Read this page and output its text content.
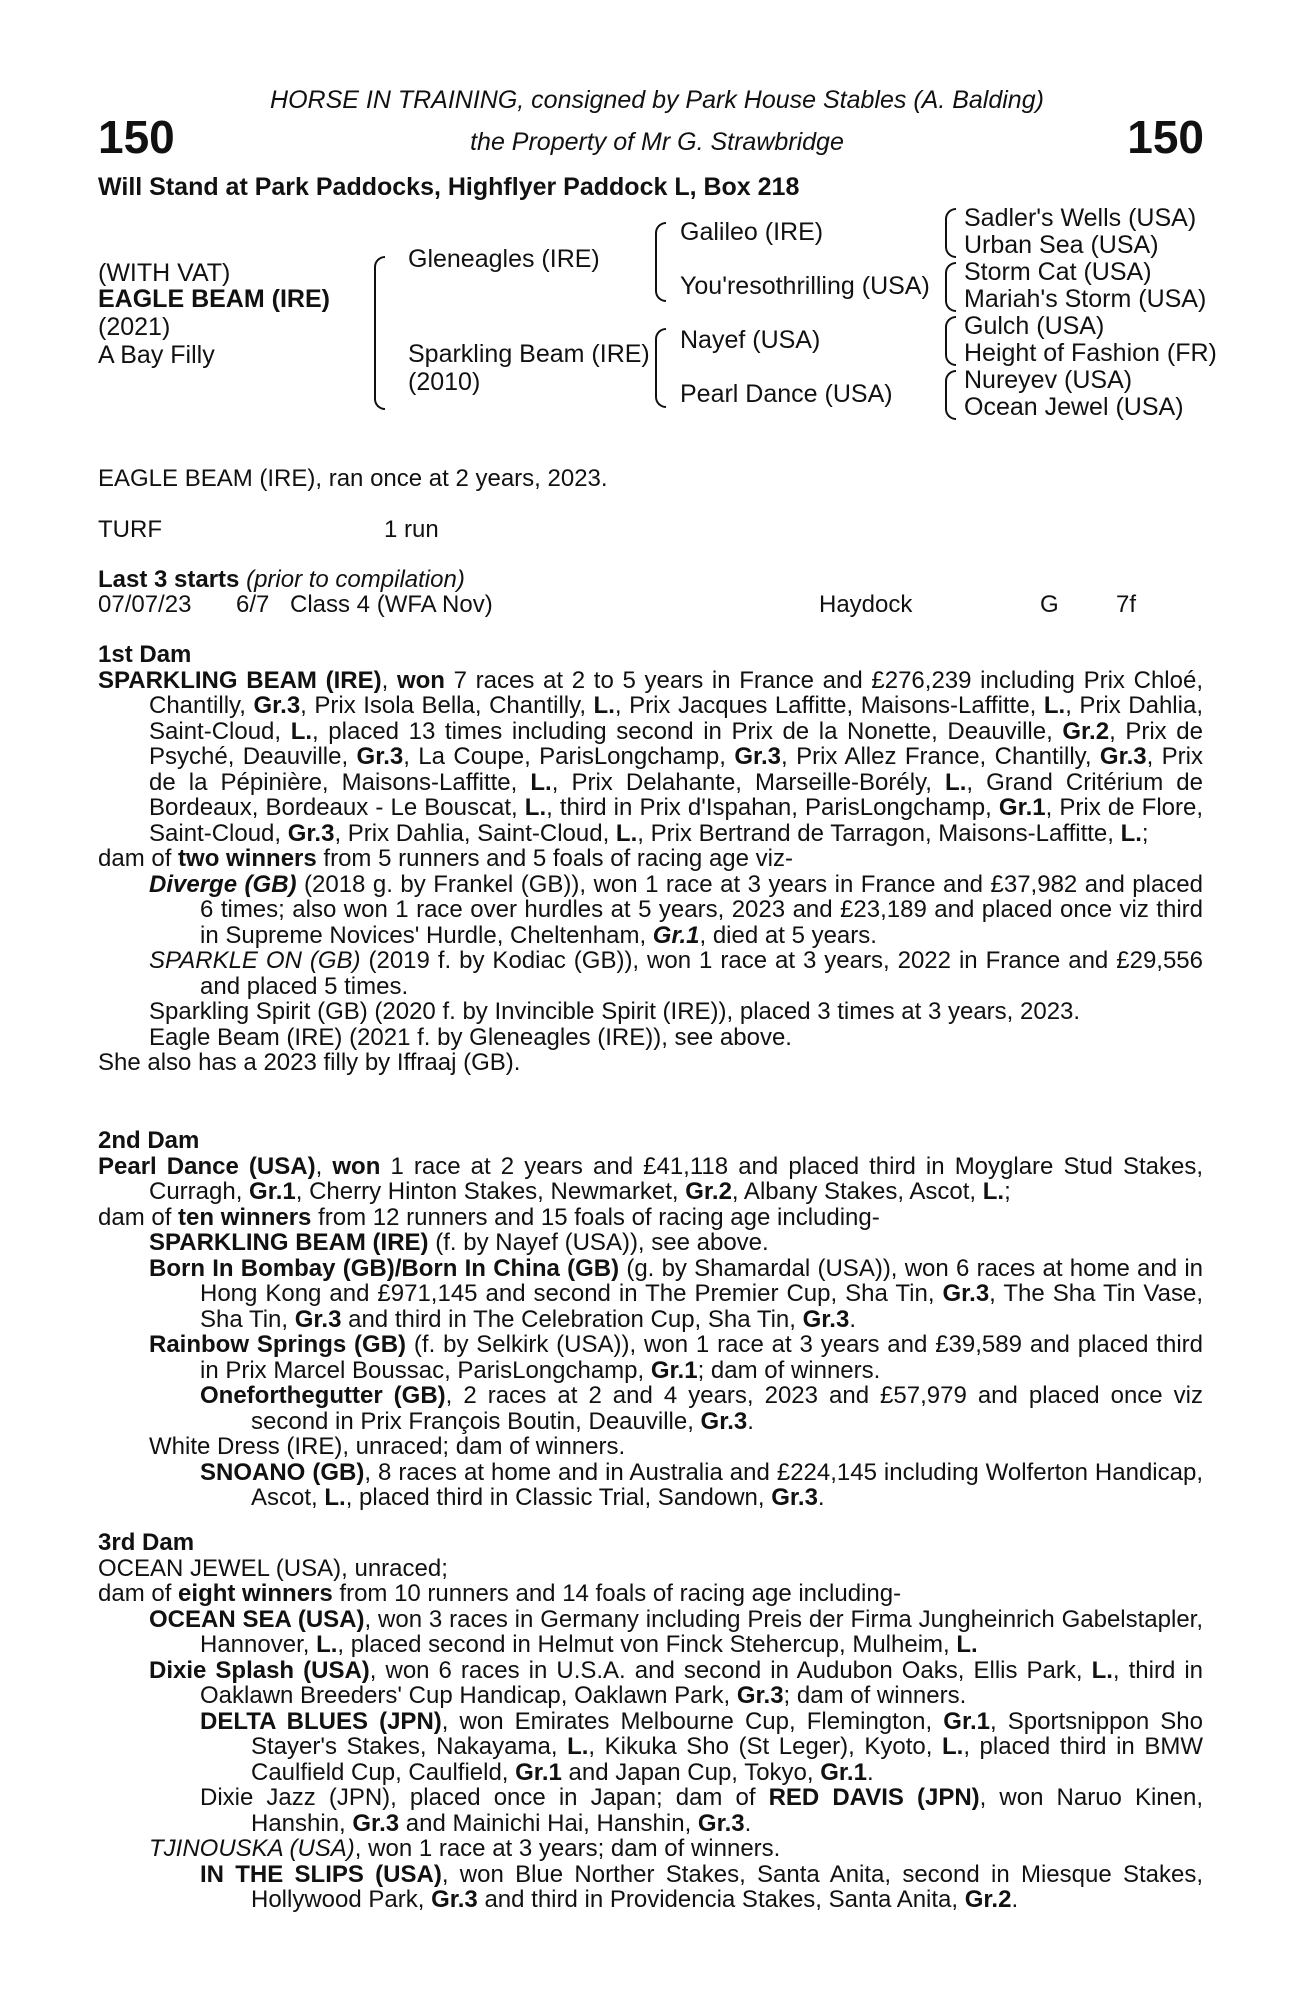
150	150
HORSE IN TRAINING, consigned by Park House Stables (A. Balding)
the Property of Mr G. Strawbridge
Will Stand at Park Paddocks, Highflyer Paddock L, Box 218
(WITH VAT)
EAGLE BEAM (IRE)
(2021)
A Bay Filly
Gleneagles (IRE)
Sparkling Beam (IRE)
(2010)
Galileo (IRE)
You'resothrilling (USA)
Nayef (USA)
Pearl Dance (USA)
Sadler's Wells (USA)
Urban Sea (USA)
Storm Cat (USA)
Mariah's Storm (USA)
Gulch (USA)
Height of Fashion (FR)
Nureyev (USA)
Ocean Jewel (USA)
EAGLE BEAM (IRE), ran once at 2 years, 2023.
TURF	1 run
Last 3 starts (prior to compilation)
07/07/23 6/7 Class 4 (WFA Nov)	Haydock	G 7f
1st Dam

SPARKLING BEAM (IRE), won 7 races at 2 to 5 years in France and £276,239 including Prix Chloé, Chantilly, Gr.3, Prix Isola Bella, Chantilly, L., Prix Jacques Laffitte, Maisons-Laffitte, L., Prix Dahlia, Saint-Cloud, L., placed 13 times including second in Prix de la Nonette, Deauville, Gr.2, Prix de Psyché, Deauville, Gr.3, La Coupe, ParisLongchamp, Gr.3, Prix Allez France, Chantilly, Gr.3, Prix de la Pépinière, Maisons-Laffitte, L., Prix Delahante, Marseille-Borély, L., Grand Critérium de Bordeaux, Bordeaux - Le Bouscat, L., third in Prix d'Ispahan, ParisLongchamp, Gr.1, Prix de Flore, Saint-Cloud, Gr.3, Prix Dahlia, Saint-Cloud, L., Prix Bertrand de Tarragon, Maisons-Laffitte, L.;

dam of two winners from 5 runners and 5 foals of racing age viz-

Diverge (GB) (2018 g. by Frankel (GB)), won 1 race at 3 years in France and £37,982 and placed 6 times; also won 1 race over hurdles at 5 years, 2023 and £23,189 and placed once viz third in Supreme Novices' Hurdle, Cheltenham, Gr.1, died at 5 years.

SPARKLE ON (GB) (2019 f. by Kodiac (GB)), won 1 race at 3 years, 2022 in France and £29,556 and placed 5 times.

Sparkling Spirit (GB) (2020 f. by Invincible Spirit (IRE)), placed 3 times at 3 years, 2023.

Eagle Beam (IRE) (2021 f. by Gleneagles (IRE)), see above.

She also has a 2023 filly by Iffraaj (GB).

2nd Dam

Pearl Dance (USA), won 1 race at 2 years and £41,118 and placed third in Moyglare Stud Stakes, Curragh, Gr.1, Cherry Hinton Stakes, Newmarket, Gr.2, Albany Stakes, Ascot, L.;

dam of ten winners from 12 runners and 15 foals of racing age including-

SPARKLING BEAM (IRE) (f. by Nayef (USA)), see above.

Born In Bombay (GB)/Born In China (GB) (g. by Shamardal (USA)), won 6 races at home and in Hong Kong and £971,145 and second in The Premier Cup, Sha Tin, Gr.3, The Sha Tin Vase, Sha Tin, Gr.3 and third in The Celebration Cup, Sha Tin, Gr.3.

Rainbow Springs (GB) (f. by Selkirk (USA)), won 1 race at 3 years and £39,589 and placed third in Prix Marcel Boussac, ParisLongchamp, Gr.1; dam of winners.

Oneforthegutter (GB), 2 races at 2 and 4 years, 2023 and £57,979 and placed once viz second in Prix François Boutin, Deauville, Gr.3.

White Dress (IRE), unraced; dam of winners.

SNOANO (GB), 8 races at home and in Australia and £224,145 including Wolferton Handicap, Ascot, L., placed third in Classic Trial, Sandown, Gr.3.

3rd Dam

OCEAN JEWEL (USA), unraced;

dam of eight winners from 10 runners and 14 foals of racing age including-

OCEAN SEA (USA), won 3 races in Germany including Preis der Firma Jungheinrich Gabelstapler, Hannover, L., placed second in Helmut von Finck Stehercup, Mulheim, L.

Dixie Splash (USA), won 6 races in U.S.A. and second in Audubon Oaks, Ellis Park, L., third in Oaklawn Breeders' Cup Handicap, Oaklawn Park, Gr.3; dam of winners.

DELTA BLUES (JPN), won Emirates Melbourne Cup, Flemington, Gr.1, Sportsnippon Sho Stayer's Stakes, Nakayama, L., Kikuka Sho (St Leger), Kyoto, L., placed third in BMW Caulfield Cup, Caulfield, Gr.1 and Japan Cup, Tokyo, Gr.1.

Dixie Jazz (JPN), placed once in Japan; dam of RED DAVIS (JPN), won Naruo Kinen, Hanshin, Gr.3 and Mainichi Hai, Hanshin, Gr.3.

TJINOUSKA (USA), won 1 race at 3 years; dam of winners.

IN THE SLIPS (USA), won Blue Norther Stakes, Santa Anita, second in Miesque Stakes, Hollywood Park, Gr.3 and third in Providencia Stakes, Santa Anita, Gr.2.
